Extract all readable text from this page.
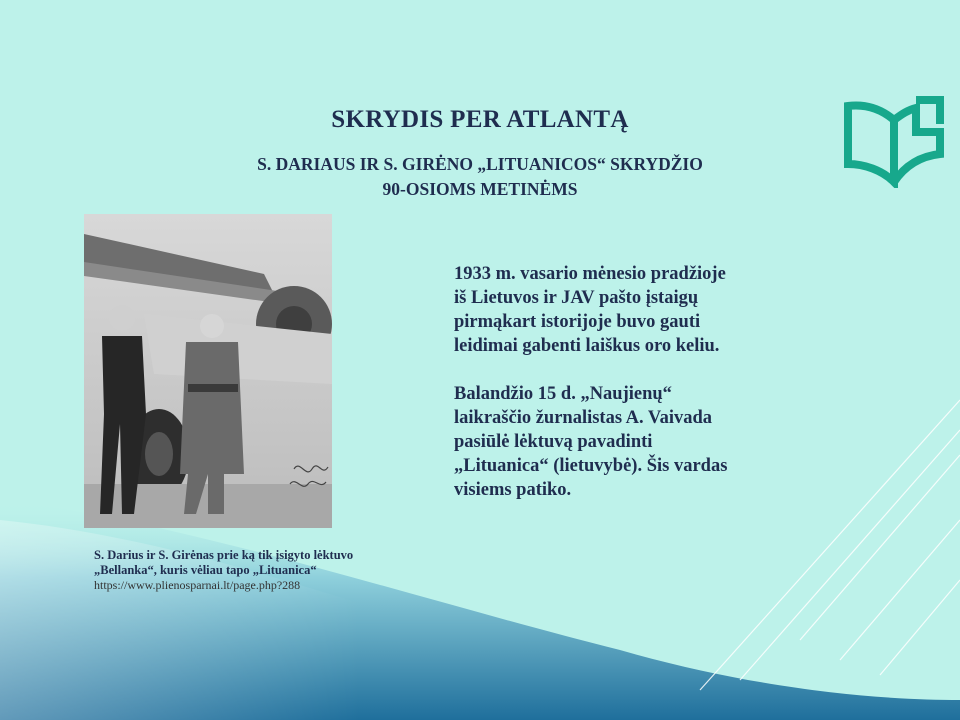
SKRYDIS PER ATLANTĄ
S. DARIAUS IR S. GIRĖNO „LITUANICOS“ SKRYDŽIO
90-OSIOMS METINĖMS
S. Darius ir S. Girėnas prie ką tik įsigyto lėktuvo
„Bellanka“, kuris vėliau tapo „Lituanica“
https://www.plienosparnai.lt/page.php?288

1933 m. vasario mėnesio pradžioje
iš Lietuvos ir JAV pašto įstaigų
pirmąkart istorijoje buvo gauti
leidimai gabenti laiškus oro keliu.

Balandžio 15 d. „Naujienų“
laikraščio žurnalistas A. Vaivada
pasiūlė lėktuvą pavadinti
„Lituanica“ (lietuvybė). Šis vardas
visiems patiko.
